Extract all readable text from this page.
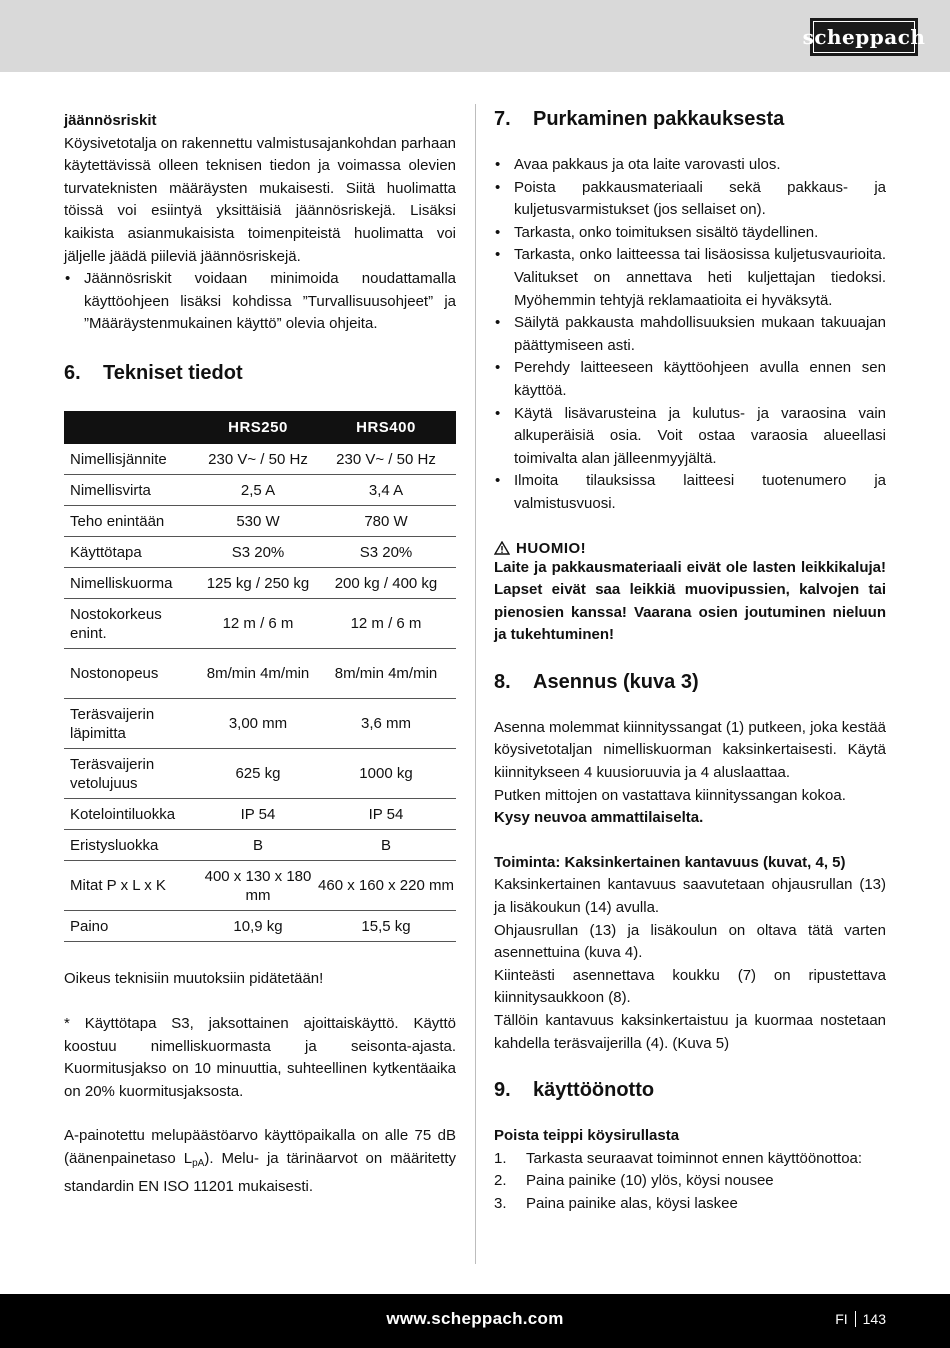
scheppach
jäännösriskit

Köysivetotalja on rakennettu valmistusajankohdan parhaan käytettävissä olleen teknisen tiedon ja voimassa olevien turvateknisten määräysten mukaisesti. Siitä huolimatta töissä voi esiintyä yksittäisiä jäännösriskejä. Lisäksi kaikista asianmukaisista toimenpiteistä huolimatta voi jäljelle jäädä piileviä jäännösriskejä.

• Jäännösriskit voidaan minimoida noudattamalla käyttöohjeen lisäksi kohdissa ”Turvallisuusohjeet” ja ”Määräystenmukainen käyttö” olevia ohjeita.
6.	Tekniset tiedot
	HRS250	HRS400
Nimellisjännite	230 V~ / 50 Hz	230 V~ / 50 Hz
Nimellisvirta	2,5 A	3,4 A
Teho enintään	530 W	780 W
Käyttötapa	S3 20%	S3 20%
Nimelliskuorma	125 kg / 250 kg	200 kg / 400 kg
Nostokorkeus enint.	12 m / 6 m	12 m / 6 m
Nostonopeus	8m/min 4m/min	8m/min 4m/min
Teräsvaijerin läpimitta	3,00 mm	3,6 mm
Teräsvaijerin vetolujuus	625 kg	1000 kg
Kotelointiluokka	IP 54	IP 54
Eristysluokka	B	B
Mitat P x L x K	400 x 130 x 180 mm	460 x 160 x 220 mm
Paino	10,9 kg	15,5 kg

Oikeus teknisiin muutoksiin pidätetään!

* Käyttötapa S3, jaksottainen ajoittaiskäyttö. Käyttö koostuu nimelliskuormasta ja seisonta-ajasta. Kuormitusjakso on 10 minuuttia, suhteellinen kytkentäaika on 20% kuormitusjaksosta.

A-painotettu melupäästöarvo käyttöpaikalla on alle 75 dB (äänenpainetaso $L_{pA}$). Melu- ja tärinäarvot on määritetty standardin EN ISO 11201 mukaisesti.

7.	Purkaminen pakkauksesta
• Avaa pakkaus ja ota laite varovasti ulos.
• Poista pakkausmateriaali sekä pakkaus- ja kuljetusvarmistukset (jos sellaiset on).
• Tarkasta, onko toimituksen sisältö täydellinen.
• Tarkasta, onko laitteessa tai lisäosissa kuljetusvaurioita. Valitukset on annettava heti kuljettajan tiedoksi. Myöhemmin tehtyjä reklamaatioita ei hyväksytä.
• Säilytä pakkausta mahdollisuuksien mukaan takuuajan päättymiseen asti.
• Perehdy laitteeseen käyttöohjeen avulla ennen sen käyttöä.
• Käytä lisävarusteina ja kulutus- ja varaosina vain alkuperäisiä osia. Voit ostaa varaosia alueellasi toimivalta alan jälleenmyyjältä.
• Ilmoita tilauksissa laitteesi tuotenumero ja valmistusvuosi.
HUOMIO!

Laite ja pakkausmateriaali eivät ole lasten leikkikaluja! Lapset eivät saa leikkiä muovipussien, kalvojen tai pienosien kanssa! Vaarana osien joutuminen nieluun ja tukehtuminen!

8.	Asennus (kuva 3)

Asenna molemmat kiinnityssangat (1) putkeen, joka kestää köysivetotaljan nimelliskuorman kaksinkertaisesti. Käytä kiinnitykseen 4 kuusioruuvia ja 4 aluslaattaa.

Putken mittojen on vastattava kiinnityssangan kokoa.

Kysy neuvoa ammattilaiselta.

Toiminta: Kaksinkertainen kantavuus (kuvat, 4, 5)

Kaksinkertainen kantavuus saavutetaan ohjausrullan (13) ja lisäkoukun (14) avulla.

Ohjausrullan (13) ja lisäkoulun on oltava tätä varten asennettuina (kuva 4).

Kiinteästi asennettava koukku (7) on ripustettava kiinnitysaukkoon (8).

Tällöin kantavuus kaksinkertaistuu ja kuormaa nostetaan kahdella teräsvaijerilla (4). (Kuva 5)

9.	käyttöönotto
Poista teippi köysirullasta
1. Tarkasta seuraavat toiminnot ennen käyttöönottoa:
2. Paina painike (10) ylös, köysi nousee
3. Paina painike alas, köysi laskee
www.scheppach.com	FI 143
